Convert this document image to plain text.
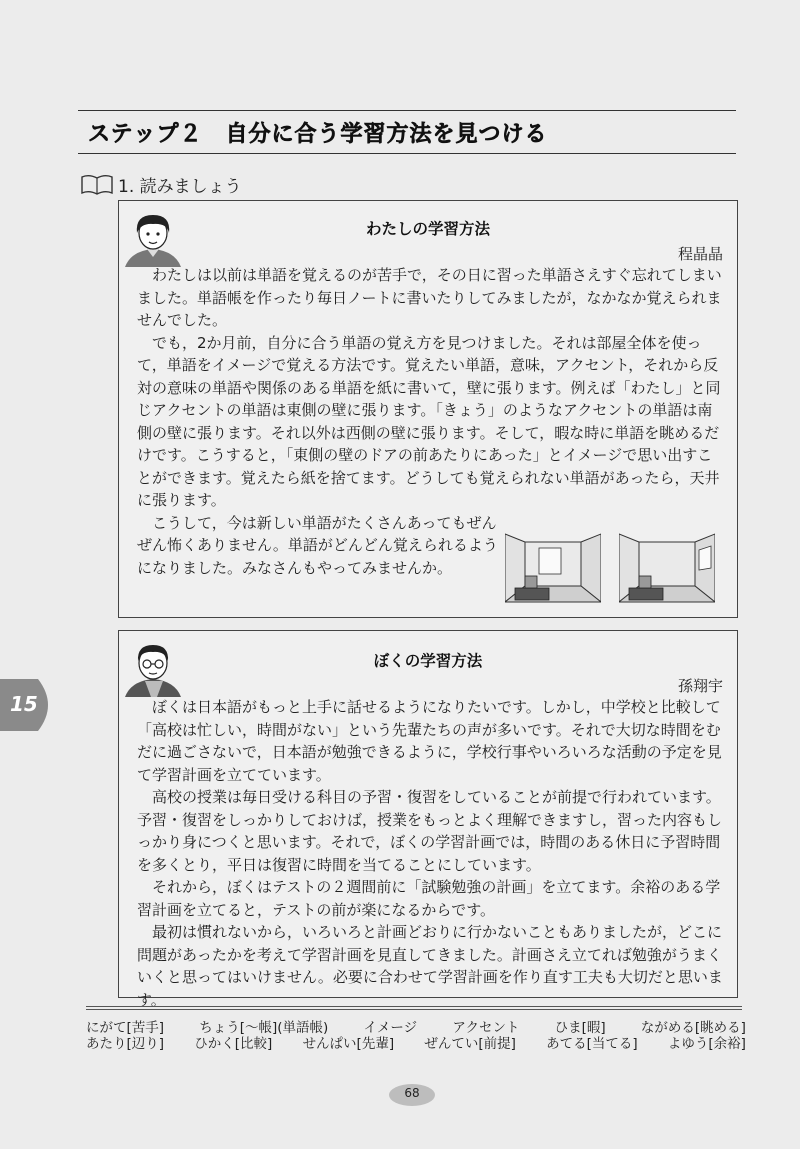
ステップ２　自分に合う学習方法を見つける
1. 読みましょう
わたしの学習方法
程晶晶

わたしは以前は単語を覚えるのが苦手で，その日に習った単語さえすぐ忘れてしまいました。単語帳を作ったり毎日ノートに書いたりしてみましたが，なかなか覚えられませんでした。

でも，2か月前，自分に合う単語の覚え方を見つけました。それは部屋全体を使って，単語をイメージで覚える方法です。覚えたい単語，意味，アクセント，それから反対の意味の単語や関係のある単語を紙に書いて，壁に張ります。例えば「わたし」と同じアクセントの単語は東側の壁に張ります。「きょう」のようなアクセントの単語は南側の壁に張ります。それ以外は西側の壁に張ります。そして，暇な時に単語を眺めるだけです。こうすると，「東側の壁のドアの前あたりにあった」とイメージで思い出すことができます。覚えたら紙を捨てます。どうしても覚えられない単語があったら，天井に張ります。

こうして，今は新しい単語がたくさんあってもぜんぜん怖くありません。単語がどんどん覚えられるようになりました。みなさんもやってみませんか。

ぼくの学習方法
孫翔宇

ぼくは日本語がもっと上手に話せるようになりたいです。しかし，中学校と比較して「高校は忙しい，時間がない」という先輩たちの声が多いです。それで大切な時間をむだに過ごさないで，日本語が勉強できるように，学校行事やいろいろな活動の予定を見て学習計画を立てています。

高校の授業は毎日受ける科目の予習・復習をしていることが前提で行われています。予習・復習をしっかりしておけば，授業をもっとよく理解できますし，習った内容もしっかり身につくと思います。それで，ぼくの学習計画では，時間のある休日に予習時間を多くとり，平日は復習に時間を当てることにしています。

それから，ぼくはテストの２週間前に「試験勉強の計画」を立てます。余裕のある学習計画を立てると，テストの前が楽になるからです。

最初は慣れないから，いろいろと計画どおりに行かないこともありましたが，どこに問題があったかを考えて学習計画を見直してきました。計画さえ立てれば勉強がうまくいくと思ってはいけません。必要に合わせて学習計画を作り直す工夫も大切だと思います。

にがて[苦手]	ちょう[～帳](単語帳)	イメージ	アクセント	ひま[暇]	ながめる[眺める]
あたり[辺り] ひかく[比較] せんぱい[先輩] ぜんてい[前提] あてる[当てる] よゆう[余裕]
15
68
